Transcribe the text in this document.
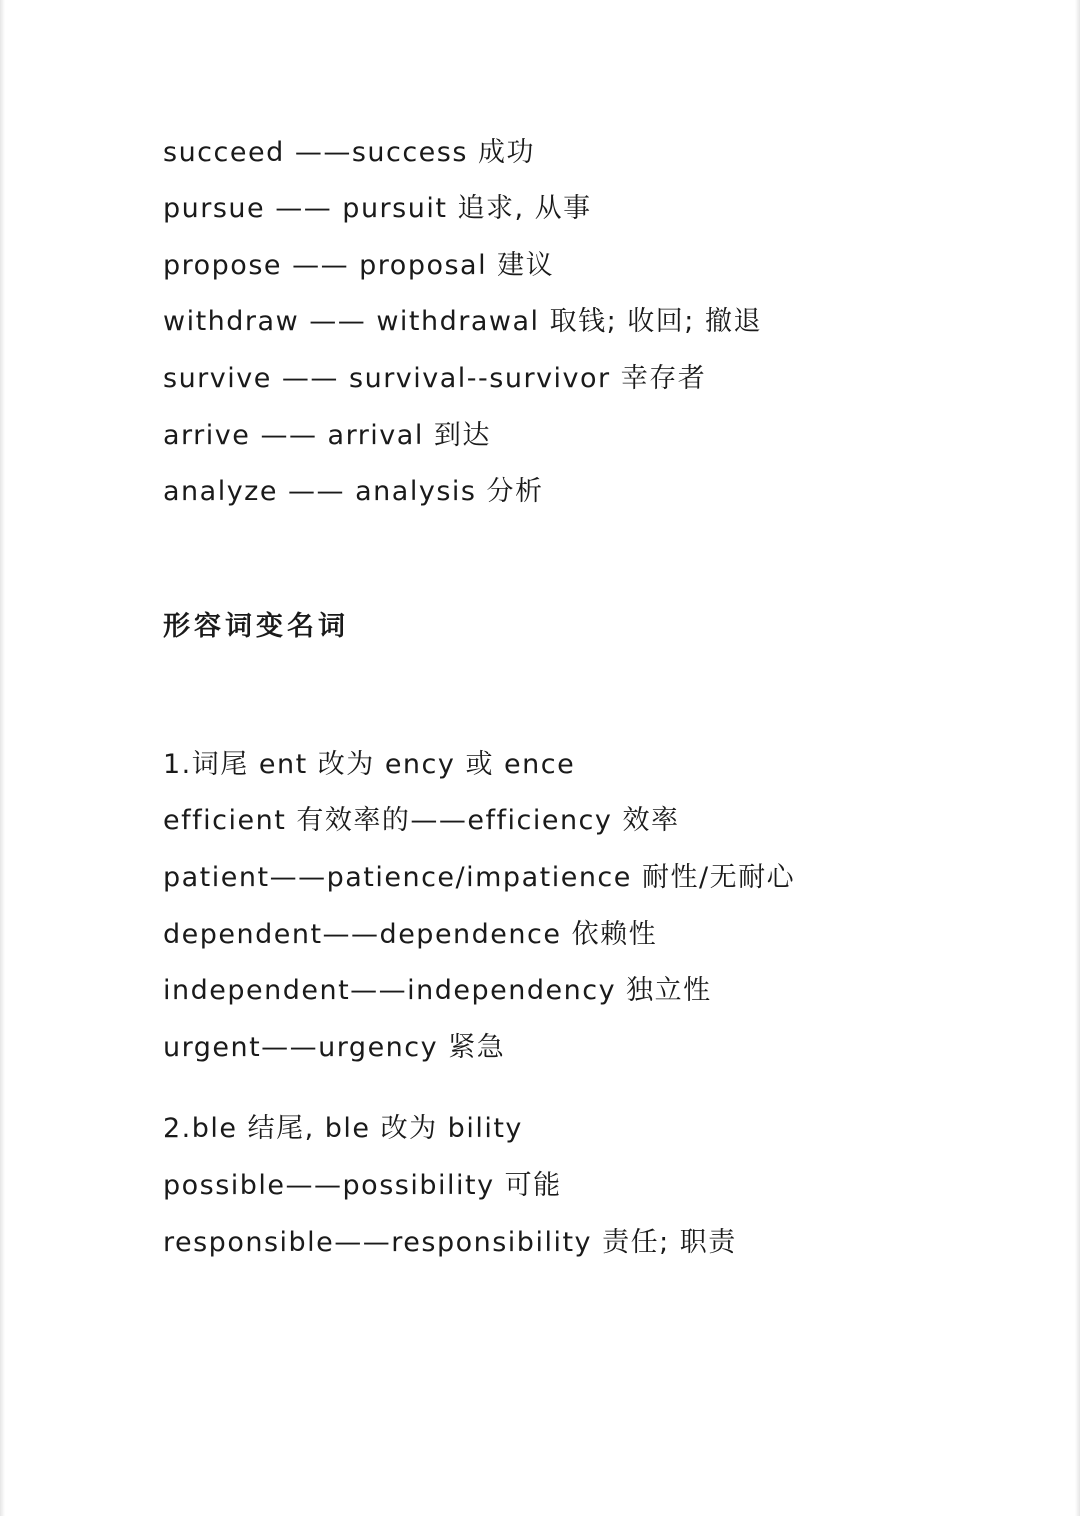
succeed ——success 成功
pursue —— pursuit 追求, 从事
propose —— proposal 建议
withdraw —— withdrawal 取钱; 收回; 撤退
survive —— survival--survivor 幸存者
arrive —— arrival 到达
analyze —— analysis 分析
形容词变名词
1.词尾 ent 改为 ency 或 ence
efficient 有效率的——efficiency 效率
patient——patience/impatience 耐性/无耐心
dependent——dependence 依赖性
independent——independency 独立性
urgent——urgency 紧急
2.ble 结尾, ble 改为 bility
possible——possibility 可能
responsible——responsibility 责任; 职责
